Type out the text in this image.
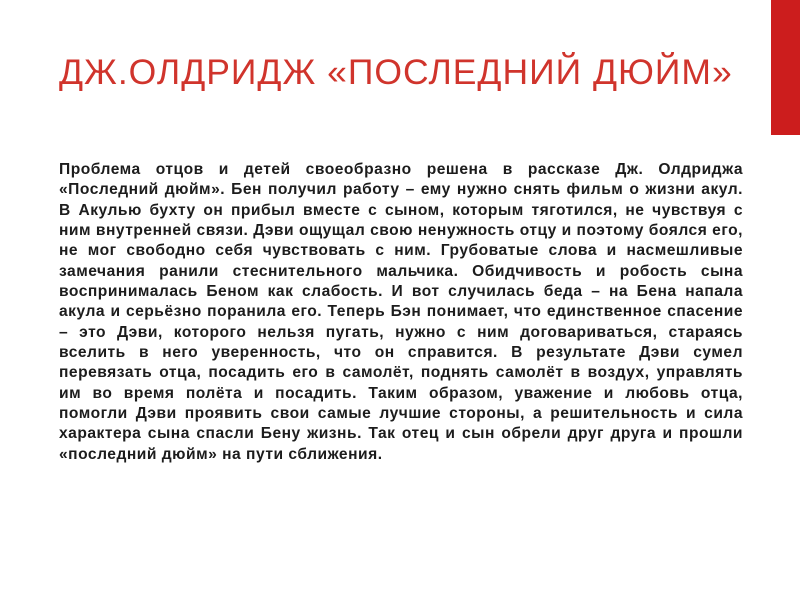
ДЖ.ОЛДРИДЖ «ПОСЛЕДНИЙ ДЮЙМ»

Проблема отцов и детей своеобразно решена в рассказе Дж. Олдриджа «Последний дюйм». Бен получил работу – ему нужно снять фильм о жизни акул. В Акулью бухту он прибыл вместе с сыном, которым тяготился, не чувствуя с ним внутренней связи. Дэви ощущал свою ненужность отцу и поэтому боялся его, не мог свободно себя чувствовать с ним. Грубоватые слова и насмешливые замечания ранили стеснительного мальчика. Обидчивость и робость сына воспринималась Беном как слабость. И вот случилась беда – на Бена напала акула и серьёзно поранила его. Теперь Бэн понимает, что единственное спасение – это Дэви, которого нельзя пугать, нужно с ним договариваться, стараясь вселить в него уверенность, что он справится. В результате Дэви сумел перевязать отца, посадить его в самолёт, поднять самолёт в воздух, управлять им во время полёта и посадить. Таким образом, уважение и любовь отца, помогли Дэви проявить свои самые лучшие стороны, а решительность и сила характера сына спасли Бену жизнь. Так отец и сын обрели друг друга и прошли «последний дюйм» на пути сближения.
